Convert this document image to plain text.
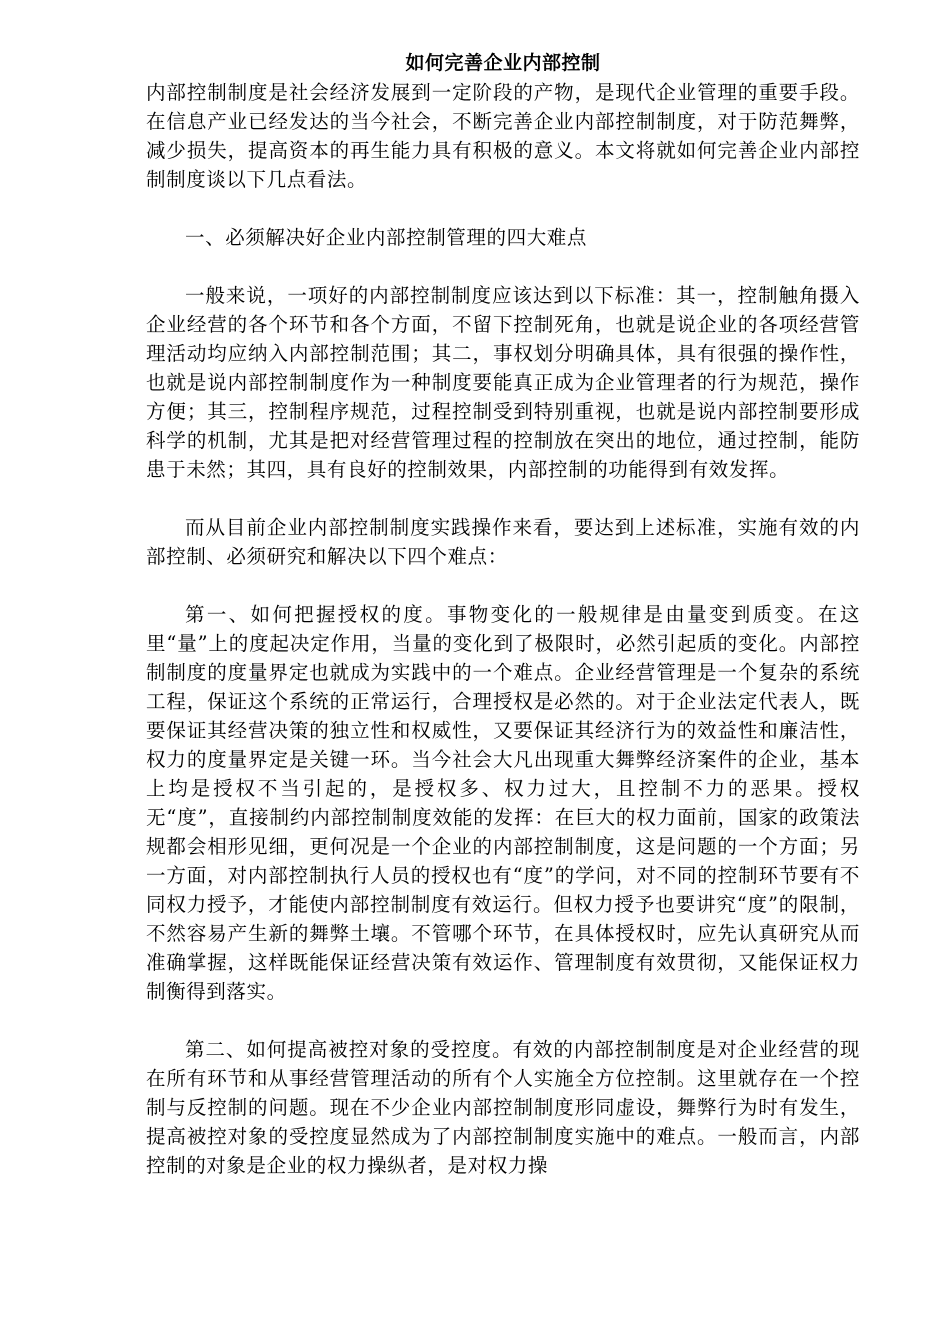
如何完善企业内部控制

内部控制制度是社会经济发展到一定阶段的产物，是现代企业管理的重要手段。在信息产业已经发达的当今社会，不断完善企业内部控制制度，对于防范舞弊，减少损失，提高资本的再生能力具有积极的意义。本文将就如何完善企业内部控制制度谈以下几点看法。

一、必须解决好企业内部控制管理的四大难点

一般来说，一项好的内部控制制度应该达到以下标准：其一，控制触角摄入企业经营的各个环节和各个方面，不留下控制死角，也就是说企业的各项经营管理活动均应纳入内部控制范围；其二，事权划分明确具体，具有很强的操作性，也就是说内部控制制度作为一种制度要能真正成为企业管理者的行为规范，操作方便；其三，控制程序规范，过程控制受到特别重视，也就是说内部控制要形成科学的机制，尤其是把对经营管理过程的控制放在突出的地位，通过控制，能防患于未然；其四，具有良好的控制效果，内部控制的功能得到有效发挥。

而从目前企业内部控制制度实践操作来看，要达到上述标准，实施有效的内部控制、必须研究和解决以下四个难点：

第一、如何把握授权的度。事物变化的一般规律是由量变到质变。在这里“量”上的度起决定作用，当量的变化到了极限时，必然引起质的变化。内部控制制度的度量界定也就成为实践中的一个难点。企业经营管理是一个复杂的系统工程，保证这个系统的正常运行，合理授权是必然的。对于企业法定代表人，既要保证其经营决策的独立性和权威性，又要保证其经济行为的效益性和廉洁性，权力的度量界定是关键一环。当今社会大凡出现重大舞弊经济案件的企业，基本上均是授权不当引起的，是授权多、权力过大，且控制不力的恶果。授权无“度”，直接制约内部控制制度效能的发挥：在巨大的权力面前，国家的政策法规都会相形见细，更何况是一个企业的内部控制制度，这是问题的一个方面；另一方面，对内部控制执行人员的授权也有“度”的学问，对不同的控制环节要有不同权力授予，才能使内部控制制度有效运行。但权力授予也要讲究“度”的限制，不然容易产生新的舞弊土壤。不管哪个环节，在具体授权时，应先认真研究从而准确掌握，这样既能保证经营决策有效运作、管理制度有效贯彻，又能保证权力制衡得到落实。

第二、如何提高被控对象的受控度。有效的内部控制制度是对企业经营的现在所有环节和从事经营管理活动的所有个人实施全方位控制。这里就存在一个控制与反控制的问题。现在不少企业内部控制制度形同虚设，舞弊行为时有发生，提高被控对象的受控度显然成为了内部控制制度实施中的难点。一般而言，内部控制的对象是企业的权力操纵者，是对权力操
